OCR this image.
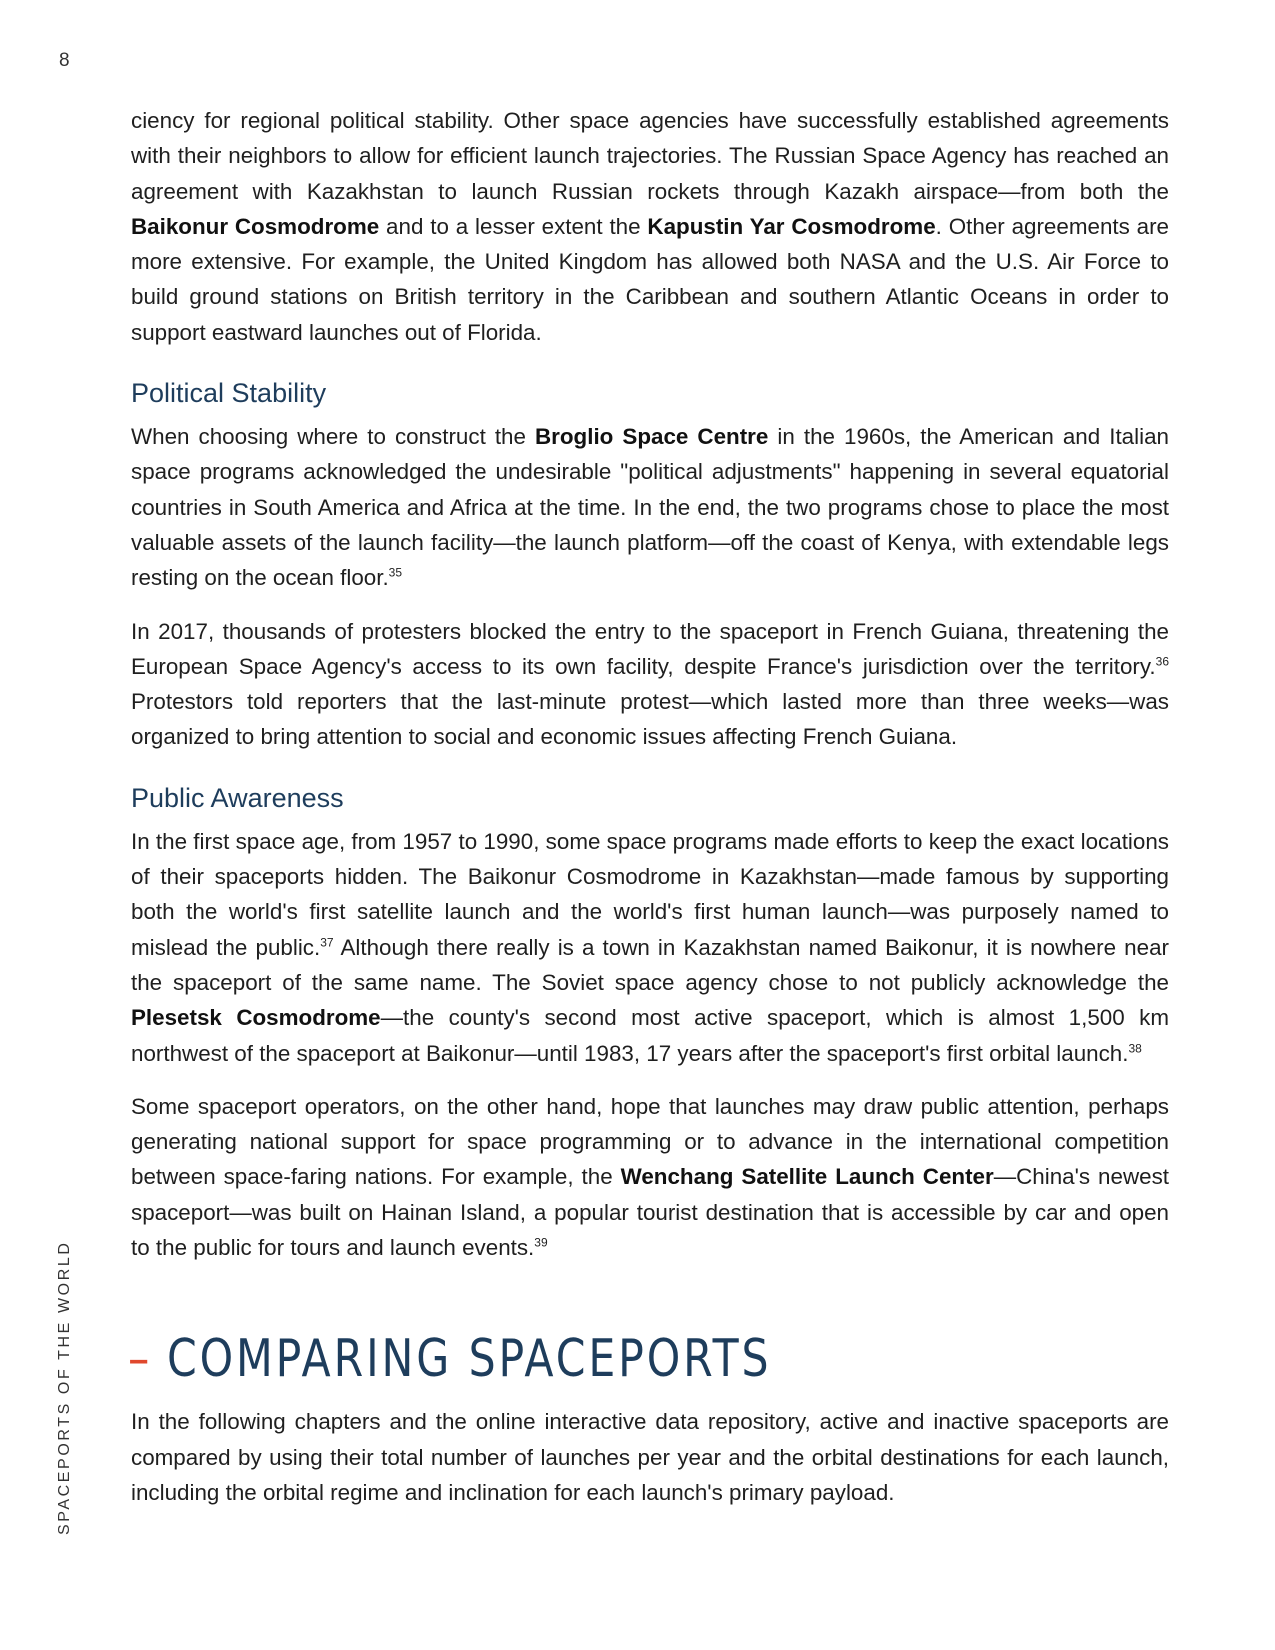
8
SPACEPORTS OF THE WORLD

ciency for regional political stability. Other space agencies have successfully established agreements with their neighbors to allow for efficient launch trajectories. The Russian Space Agency has reached an agreement with Kazakhstan to launch Russian rockets through Kazakh airspace—from both the Baikonur Cosmodrome and to a lesser extent the Kapustin Yar Cosmodrome. Other agreements are more extensive. For example, the United Kingdom has allowed both NASA and the U.S. Air Force to build ground stations on British territory in the Caribbean and southern Atlantic Oceans in order to support eastward launches out of Florida.

Political Stability

When choosing where to construct the Broglio Space Centre in the 1960s, the American and Italian space programs acknowledged the undesirable "political adjustments" happening in several equatorial countries in South America and Africa at the time. In the end, the two programs chose to place the most valuable assets of the launch facility—the launch platform—off the coast of Kenya, with extendable legs resting on the ocean floor.$^{35}$

In 2017, thousands of protesters blocked the entry to the spaceport in French Guiana, threatening the European Space Agency's access to its own facility, despite France's jurisdiction over the territory.$^{36}$ Protestors told reporters that the last-minute protest—which lasted more than three weeks—was organized to bring attention to social and economic issues affecting French Guiana.

Public Awareness

In the first space age, from 1957 to 1990, some space programs made efforts to keep the exact locations of their spaceports hidden. The Baikonur Cosmodrome in Kazakhstan—made famous by supporting both the world's first satellite launch and the world's first human launch—was purposely named to mislead the public.$^{37}$ Although there really is a town in Kazakhstan named Baikonur, it is nowhere near the spaceport of the same name. The Soviet space agency chose to not publicly acknowledge the Plesetsk Cosmodrome—the county's second most active spaceport, which is almost 1,500 km northwest of the spaceport at Baikonur—until 1983, 17 years after the spaceport's first orbital launch.$^{38}$

Some spaceport operators, on the other hand, hope that launches may draw public attention, perhaps generating national support for space programming or to advance in the international competition between space-faring nations. For example, the Wenchang Satellite Launch Center—China's newest spaceport—was built on Hainan Island, a popular tourist destination that is accessible by car and open to the public for tours and launch events.$^{39}$

– COMPARING SPACEPORTS

In the following chapters and the online interactive data repository, active and inactive spaceports are compared by using their total number of launches per year and the orbital destinations for each launch, including the orbital regime and inclination for each launch's primary payload.
